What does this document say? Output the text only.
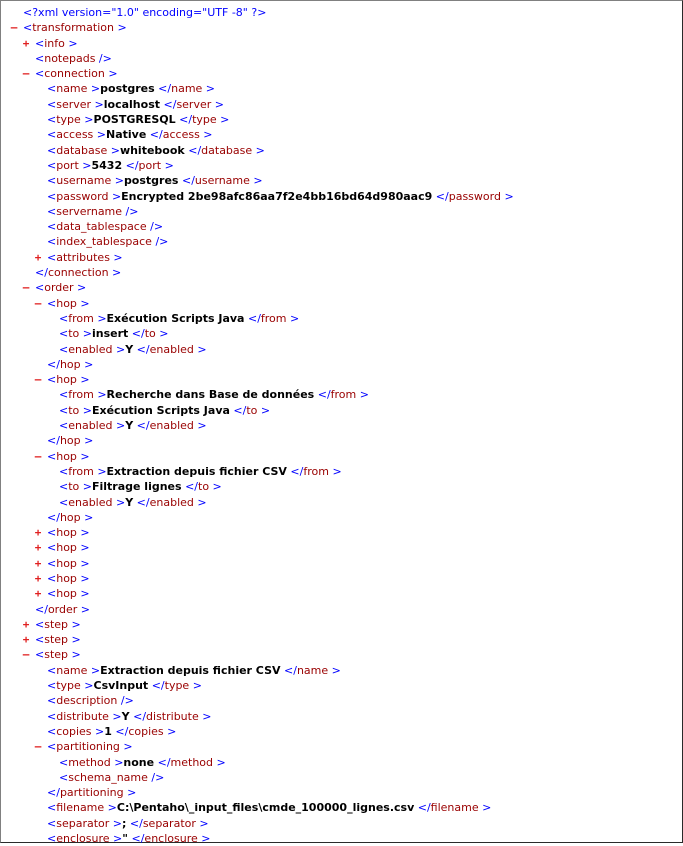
<?xml version="1.0" encoding="UTF -8" ?>
– <transformation >
+ <info >
<notepads />
– <connection >
<name >postgres </name >
<server >localhost </server >
<type >POSTGRESQL </type >
<access >Native </access >
<database >whitebook </database >
<port >5432 </port >
<username >postgres </username >
<password >Encrypted 2be98afc86aa7f2e4bb16bd64d980aac9 </password >
<servername />
<data_tablespace />
<index_tablespace />
+ <attributes >
</connection >
– <order >
– <hop >
<from >Exécution Scripts Java </from >
<to >insert </to >
<enabled >Y </enabled >
</hop >
– <hop >
<from >Recherche dans Base de données </from >
<to >Exécution Scripts Java </to >
<enabled >Y </enabled >
</hop >
– <hop >
<from >Extraction depuis fichier CSV </from >
<to >Filtrage lignes </to >
<enabled >Y </enabled >
</hop >
+ <hop >
+ <hop >
+ <hop >
+ <hop >
+ <hop >
</order >
+ <step >
+ <step >
– <step >
<name >Extraction depuis fichier CSV </name >
<type >CsvInput </type >
<description />
<distribute >Y </distribute >
<copies >1 </copies >
– <partitioning >
<method >none </method >
<schema_name />
</partitioning >
<filename >C:\Pentaho\_input_files\cmde_100000_lignes.csv </filename >
<separator >; </separator >
<enclosure >" </enclosure >
